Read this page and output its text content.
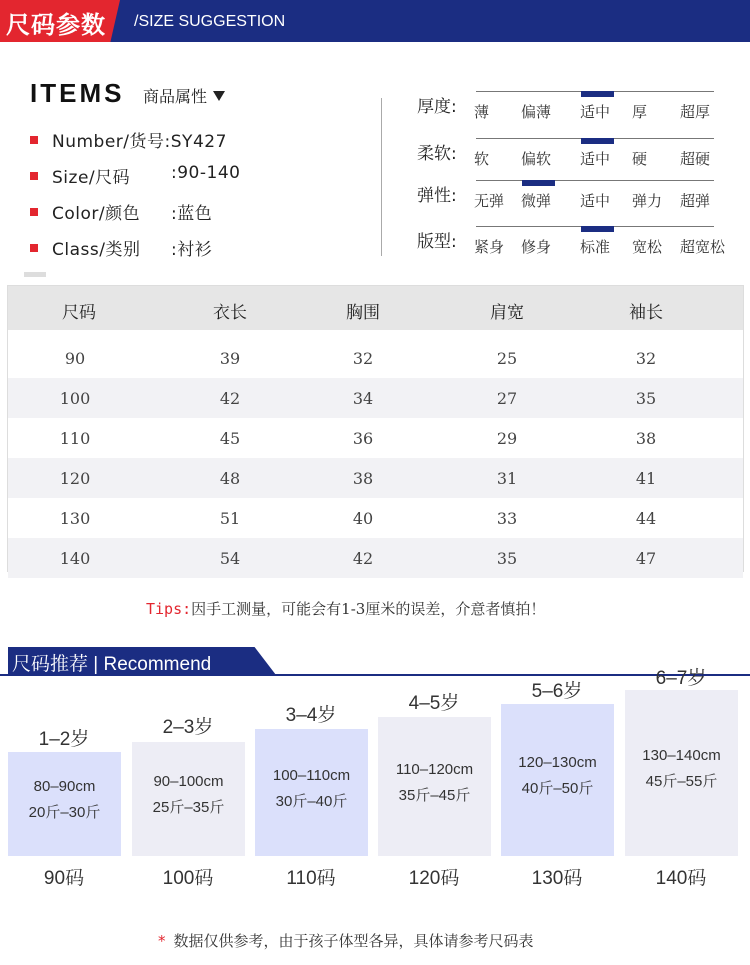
尺码参数 /SIZE SUGGESTION
ITEMS 商品属性
Number/货号:SY427
Size/尺码 :90-140
Color/颜色 :蓝色
Class/类别 :衬衫
厚度: 薄 偏薄 适中 厚 超厚
柔软: 软 偏软 适中 硬 超硬
弹性: 无弹 微弹 适中 弹力 超弹
版型: 紧身 修身 标准 宽松 超宽松
尺码	衣长	胸围	肩宽	袖长
90	39	32	25	32
100	42	34	27	35
110	45	36	29	38
120	48	38	31	41
130	51	40	33	44
140	54	42	35	47
Tips:因手工测量，可能会有1-3厘米的误差，介意者慎拍！
尺码推荐 | Recommend
1–2岁
80–90cm
20斤–30斤
90码
2–3岁
90–100cm
25斤–35斤
100码
3–4岁
100–110cm
30斤–40斤
110码
4–5岁
110–120cm
35斤–45斤
120码
5–6岁
120–130cm
40斤–50斤
130码
6–7岁
130–140cm
45斤–55斤
140码
* 数据仅供参考，由于孩子体型各异，具体请参考尺码表
